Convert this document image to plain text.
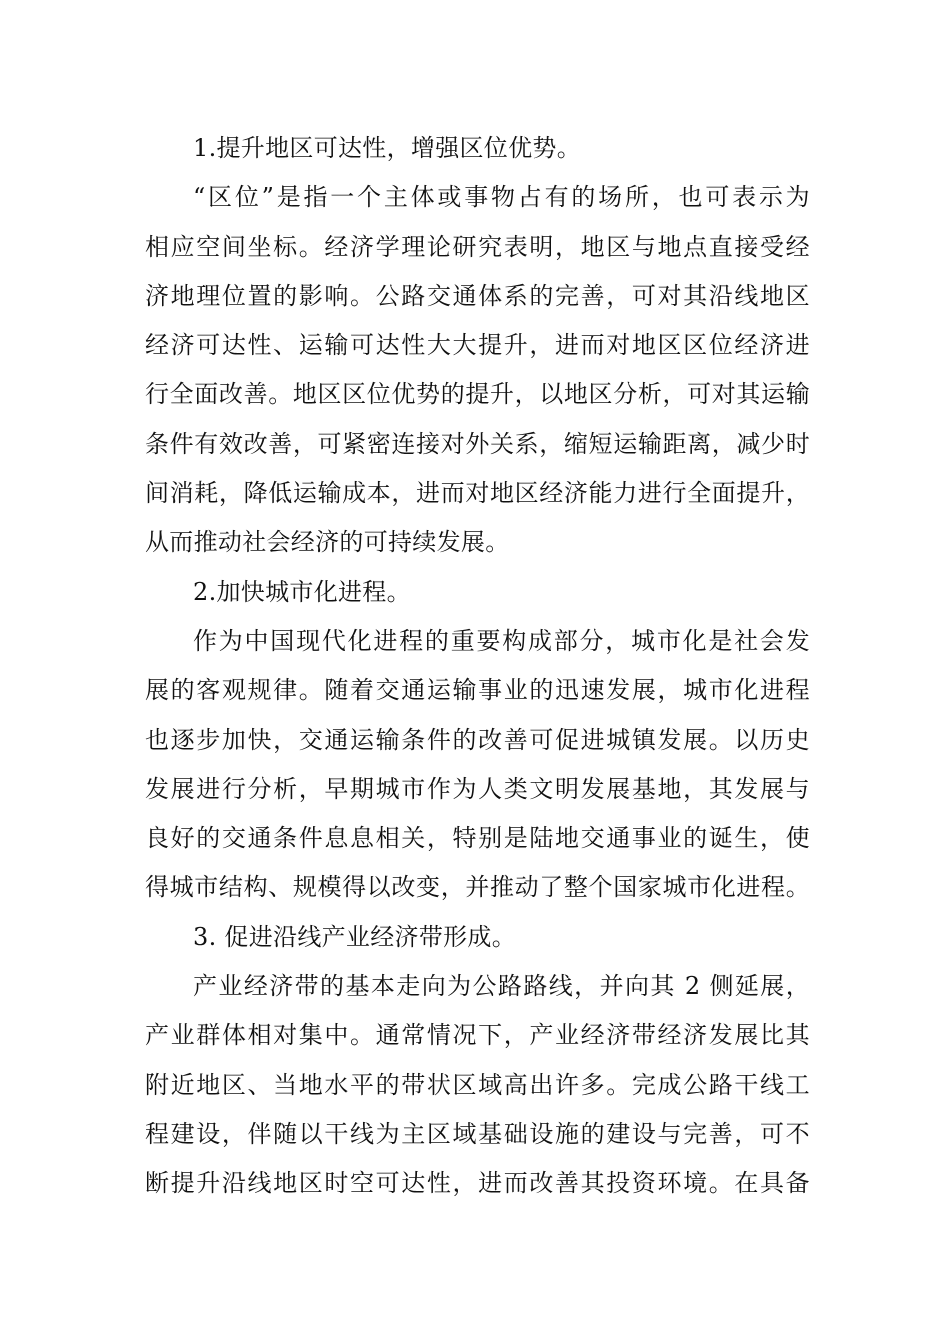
1.提升地区可达性，增强区位优势。
“区位”是指一个主体或事物占有的场所，也可表示为
相应空间坐标。经济学理论研究表明，地区与地点直接受经
济地理位置的影响。公路交通体系的完善，可对其沿线地区
经济可达性、运输可达性大大提升，进而对地区区位经济进
行全面改善。地区区位优势的提升，以地区分析，可对其运输
条件有效改善，可紧密连接对外关系，缩短运输距离，减少时
间消耗，降低运输成本，进而对地区经济能力进行全面提升，
从而推动社会经济的可持续发展。
2.加快城市化进程。
作为中国现代化进程的重要构成部分，城市化是社会发
展的客观规律。随着交通运输事业的迅速发展，城市化进程
也逐步加快，交通运输条件的改善可促进城镇发展。以历史
发展进行分析，早期城市作为人类文明发展基地，其发展与
良好的交通条件息息相关，特别是陆地交通事业的诞生，使
得城市结构、规模得以改变，并推动了整个国家城市化进程。
3. 促进沿线产业经济带形成。
产业经济带的基本走向为公路路线，并向其 2 侧延展，
产业群体相对集中。通常情况下，产业经济带经济发展比其
附近地区、当地水平的带状区域高出许多。完成公路干线工
程建设，伴随以干线为主区域基础设施的建设与完善，可不
断提升沿线地区时空可达性，进而改善其投资环境。在具备
